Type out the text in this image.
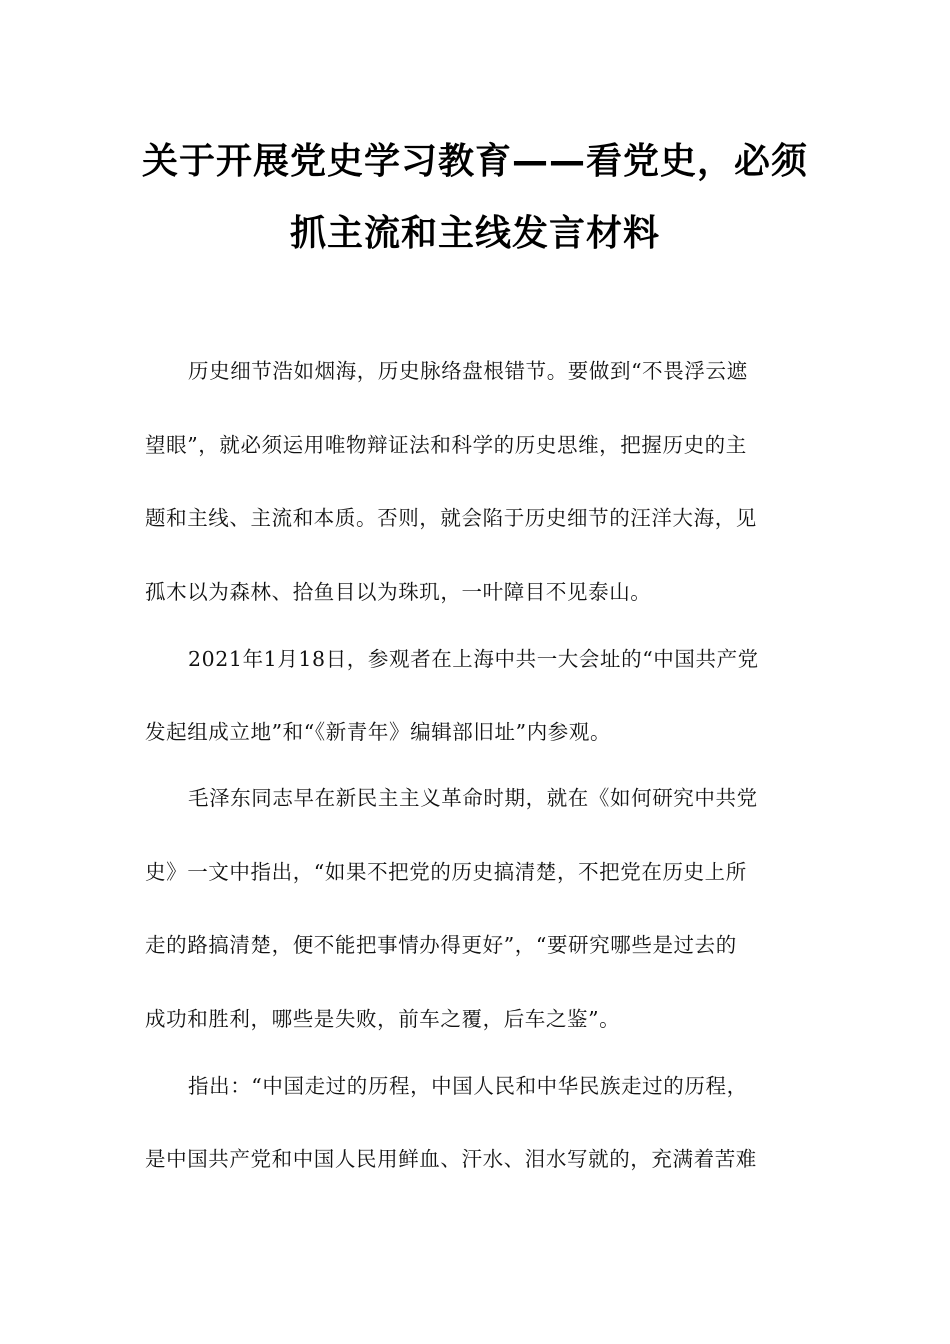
关于开展党史学习教育——看党史，必须
抓主流和主线发言材料
历史细节浩如烟海，历史脉络盘根错节。要做到“不畏浮云遮
望眼”，就必须运用唯物辩证法和科学的历史思维，把握历史的主
题和主线、主流和本质。否则，就会陷于历史细节的汪洋大海，见
孤木以为森林、拾鱼目以为珠玑，一叶障目不见泰山。
2021年1月18日，参观者在上海中共一大会址的“中国共产党
发起组成立地”和“《新青年》编辑部旧址”内参观。
毛泽东同志早在新民主主义革命时期，就在《如何研究中共党
史》一文中指出，“如果不把党的历史搞清楚，不把党在历史上所
走的路搞清楚，便不能把事情办得更好”，“要研究哪些是过去的
成功和胜利，哪些是失败，前车之覆，后车之鉴”。
指出：“中国走过的历程，中国人民和中华民族走过的历程，
是中国共产党和中国人民用鲜血、汗水、泪水写就的，充满着苦难
